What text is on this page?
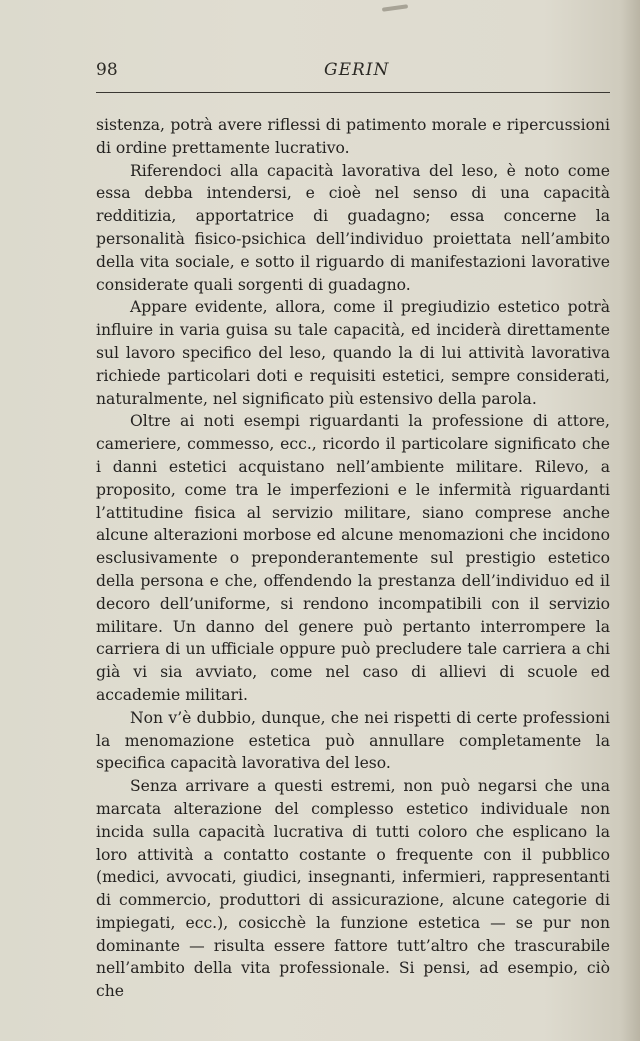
98	GERIN

sistenza, potrà avere riflessi di patimento morale e ripercussioni di ordine prettamente lucrativo.

Riferendoci alla capacità lavorativa del leso, è noto come essa debba intendersi, e cioè nel senso di una capacità redditizia, apportatrice di guadagno; essa concerne la personalità fisico-psichica dell’individuo proiettata nell’ambito della vita sociale, e sotto il riguardo di manifestazioni lavorative considerate quali sorgenti di guadagno.

Appare evidente, allora, come il pregiudizio estetico potrà influire in varia guisa su tale capacità, ed inciderà direttamente sul lavoro specifico del leso, quando la di lui attività lavorativa richiede particolari doti e requisiti estetici, sempre considerati, naturalmente, nel significato più estensivo della parola.

Oltre ai noti esempi riguardanti la professione di attore, cameriere, commesso, ecc., ricordo il particolare significato che i danni estetici acquistano nell’ambiente militare. Rilevo, a proposito, come tra le imperfezioni e le infermità riguardanti l’attitudine fisica al servizio militare, siano comprese anche alcune alterazioni morbose ed alcune menomazioni che incidono esclusivamente o preponderantemente sul prestigio estetico della persona e che, offendendo la prestanza dell’individuo ed il decoro dell’uniforme, si rendono incompatibili con il servizio militare. Un danno del genere può pertanto interrompere la carriera di un ufficiale oppure può precludere tale carriera a chi già vi sia avviato, come nel caso di allievi di scuole ed accademie militari.

Non v’è dubbio, dunque, che nei rispetti di certe professioni la menomazione estetica può annullare completamente la specifica capacità lavorativa del leso.

Senza arrivare a questi estremi, non può negarsi che una marcata alterazione del complesso estetico individuale non incida sulla capacità lucrativa di tutti coloro che esplicano la loro attività a contatto costante o frequente con il pubblico (medici, avvocati, giudici, insegnanti, infermieri, rappresentanti di commercio, produttori di assicurazione, alcune categorie di impiegati, ecc.), cosicchè la funzione estetica — se pur non dominante — risulta essere fattore tutt’altro che trascurabile nell’ambito della vita professionale. Si pensi, ad esempio, ciò che
